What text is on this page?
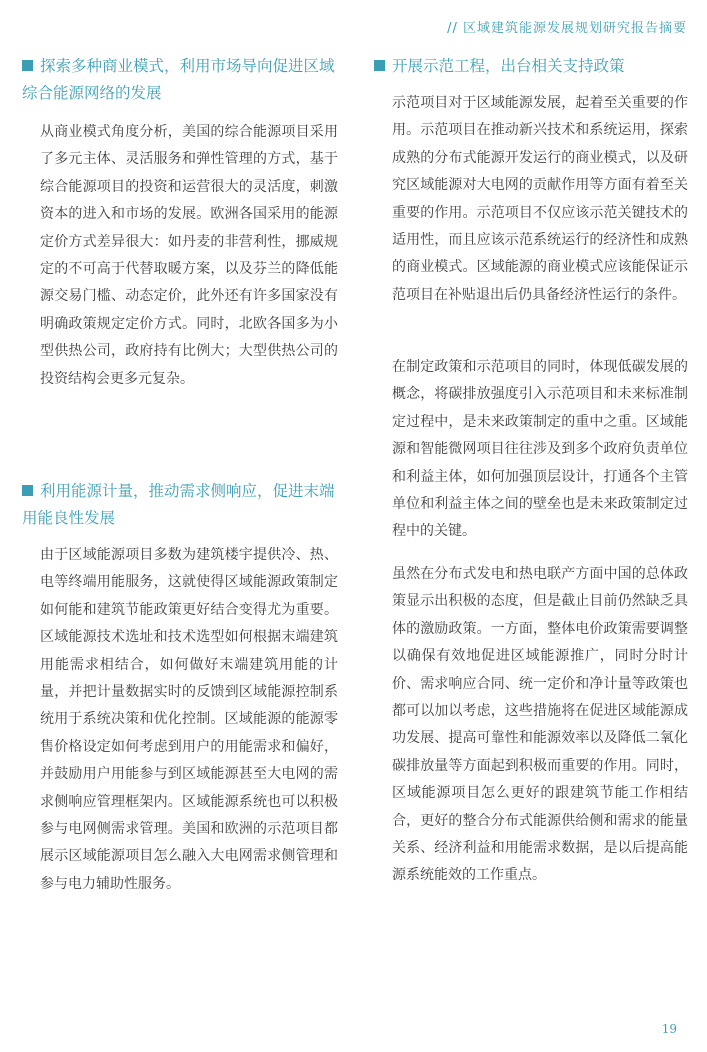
// 区域建筑能源发展规划研究报告摘要
探索多种商业模式，利用市场导向促进区域综合能源网络的发展

从商业模式角度分析，美国的综合能源项目采用了多元主体、灵活服务和弹性管理的方式，基于综合能源项目的投资和运营很大的灵活度，刺激资本的进入和市场的发展。欧洲各国采用的能源定价方式差异很大：如丹麦的非营利性，挪威规定的不可高于代替取暖方案，以及芬兰的降低能源交易门槛、动态定价，此外还有许多国家没有明确政策规定定价方式。同时，北欧各国多为小型供热公司，政府持有比例大；大型供热公司的投资结构会更多元复杂。

利用能源计量，推动需求侧响应，促进末端用能良性发展

由于区域能源项目多数为建筑楼宇提供冷、热、电等终端用能服务，这就使得区域能源政策制定如何能和建筑节能政策更好结合变得尤为重要。区域能源技术选址和技术选型如何根据末端建筑用能需求相结合，如何做好末端建筑用能的计量，并把计量数据实时的反馈到区域能源控制系统用于系统决策和优化控制。区域能源的能源零售价格设定如何考虑到用户的用能需求和偏好，并鼓励用户用能参与到区域能源甚至大电网的需求侧响应管理框架内。区域能源系统也可以积极参与电网侧需求管理。美国和欧洲的示范项目都展示区域能源项目怎么融入大电网需求侧管理和参与电力辅助性服务。

开展示范工程，出台相关支持政策

示范项目对于区域能源发展，起着至关重要的作用。示范项目在推动新兴技术和系统运用，探索成熟的分布式能源开发运行的商业模式，以及研究区域能源对大电网的贡献作用等方面有着至关重要的作用。示范项目不仅应该示范关键技术的适用性，而且应该示范系统运行的经济性和成熟的商业模式。区域能源的商业模式应该能保证示范项目在补贴退出后仍具备经济性运行的条件。

在制定政策和示范项目的同时，体现低碳发展的概念，将碳排放强度引入示范项目和未来标准制定过程中，是未来政策制定的重中之重。区域能源和智能微网项目往往涉及到多个政府负责单位和利益主体，如何加强顶层设计，打通各个主管单位和利益主体之间的壁垒也是未来政策制定过程中的关键。

虽然在分布式发电和热电联产方面中国的总体政策显示出积极的态度，但是截止目前仍然缺乏具体的激励政策。一方面，整体电价政策需要调整以确保有效地促进区域能源推广，同时分时计价、需求响应合同、统一定价和净计量等政策也都可以加以考虑，这些措施将在促进区域能源成功发展、提高可靠性和能源效率以及降低二氧化碳排放量等方面起到积极而重要的作用。同时，区域能源项目怎么更好的跟建筑节能工作相结合，更好的整合分布式能源供给侧和需求的能量关系、经济利益和用能需求数据，是以后提高能源系统能效的工作重点。

19
